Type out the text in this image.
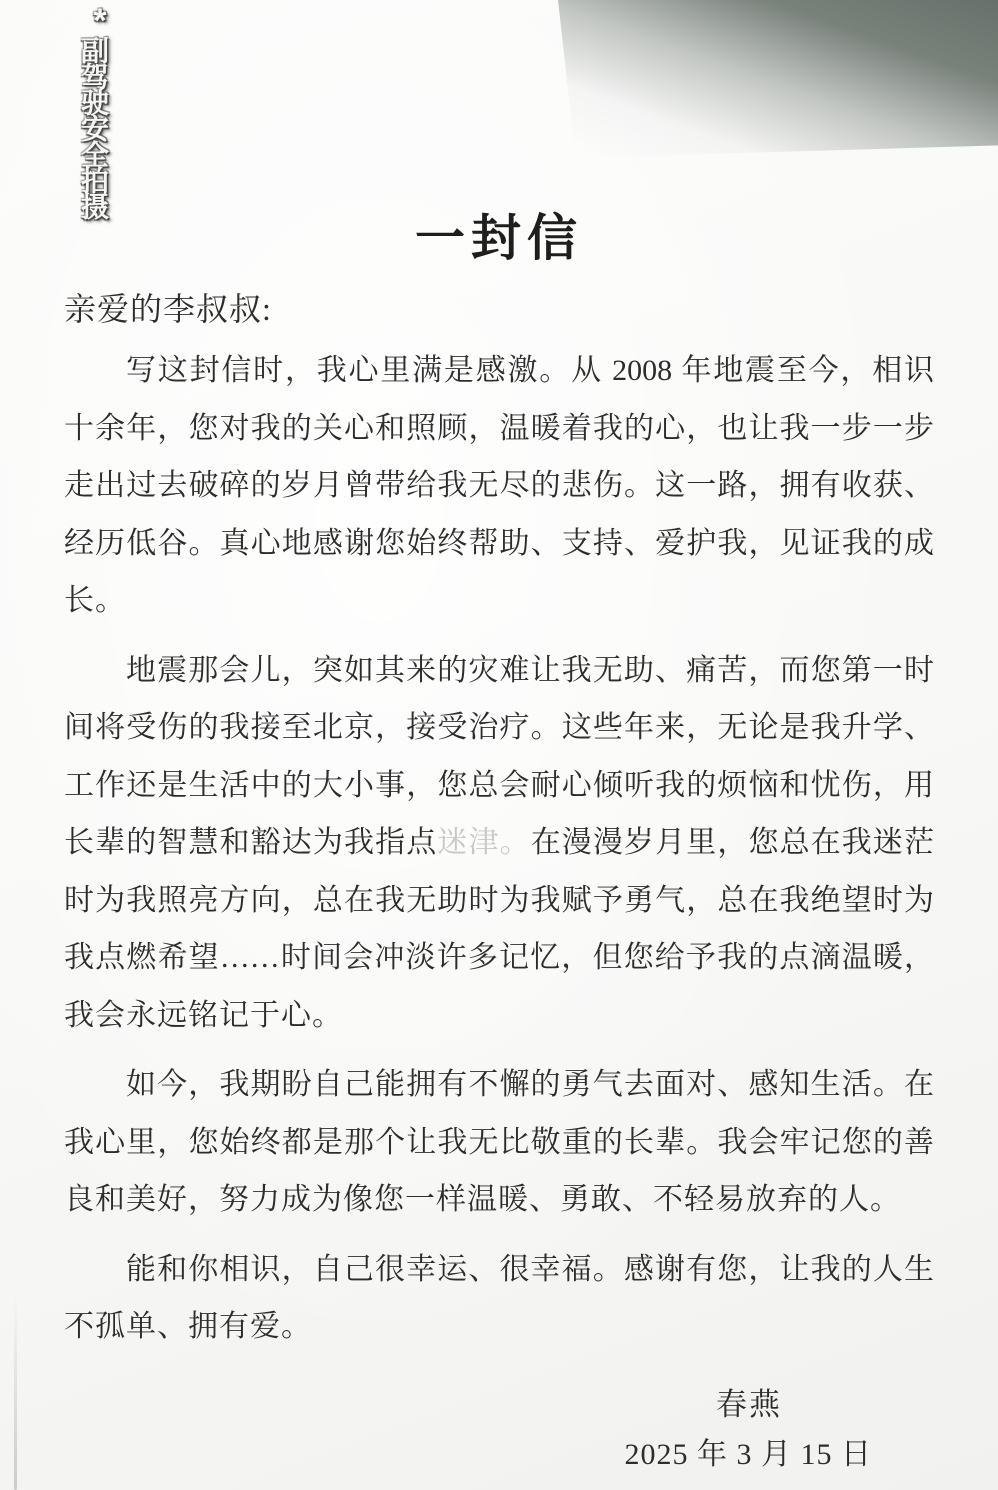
*
副驾驶安全拍摄
一封信
亲爱的李叔叔:
写这封信时，我心里满是感激。从 2008 年地震至今，相识
十余年，您对我的关心和照顾，温暖着我的心，也让我一步一步
走出过去破碎的岁月曾带给我无尽的悲伤。这一路，拥有收获、
经历低谷。真心地感谢您始终帮助、支持、爱护我，见证我的成
长。
地震那会儿，突如其来的灾难让我无助、痛苦，而您第一时
间将受伤的我接至北京，接受治疗。这些年来，无论是我升学、
工作还是生活中的大小事，您总会耐心倾听我的烦恼和忧伤，用
长辈的智慧和豁达为我指点迷津。在漫漫岁月里，您总在我迷茫
时为我照亮方向，总在我无助时为我赋予勇气，总在我绝望时为
我点燃希望……时间会冲淡许多记忆，但您给予我的点滴温暖，
我会永远铭记于心。
如今，我期盼自己能拥有不懈的勇气去面对、感知生活。在
我心里，您始终都是那个让我无比敬重的长辈。我会牢记您的善
良和美好，努力成为像您一样温暖、勇敢、不轻易放弃的人。
能和你相识，自己很幸运、很幸福。感谢有您，让我的人生
不孤单、拥有爱。
春燕
2025 年 3 月 15 日
